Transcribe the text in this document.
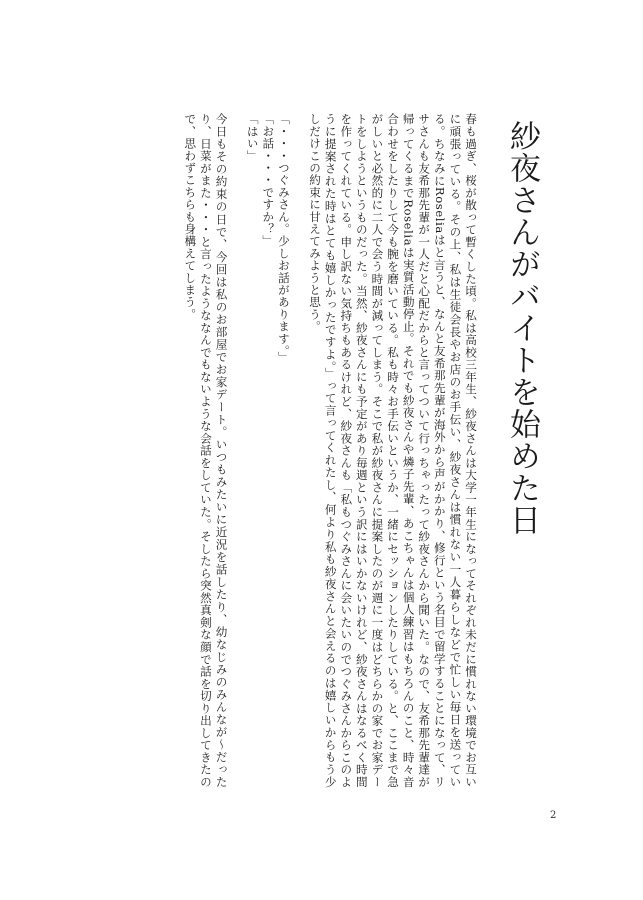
紗夜さんがバイトを始めた日

春も過ぎ、桜が散って暫くした頃。私は高校三年生、紗夜さんは大学一年生になってそれぞれ未だに慣れない環境でお互いに頑張っている。その上、私は生徒会長やお店のお手伝い、紗夜さんは慣れない一人暮らしなどで忙しい毎日を送っている。ちなみにRoseliaはと言うと、なんと友希那先輩が海外から声がかかり、修行という名目で留学することになって、リサさんも友希那先輩が一人だと心配だからと言ってついて行っちゃったって紗夜さんから聞いた。なので、友希那先輩達が帰ってくるまでRoseliaは実質活動停止。それでも紗夜さんや燐子先輩、あこちゃんは個人練習はもちろんのこと、時々音合わせをしたりして今も腕を磨いている。私も時々お手伝いというか、一緒にセッションしたりしている。と、ここまで急がしいと必然的に二人で会う時間が減ってしまう。そこで私が紗夜さんに提案したのが週に一度はどちらかの家でお家デートをしようというものだった。当然、紗夜さんにも予定があり毎週という訳にはいかないけれど、紗夜さんはなるべく時間を作ってくれている。申し訳ない気持ちもあるけれど、紗夜さんも「私もつぐみさんに会いたいのでつぐみさんからこのように提案された時はとても嬉しかったですよ。」って言ってくれたし、何より私も紗夜さんと会えるのは嬉しいからもう少しだけこの約束に甘えてみようと思う。

「・・・つぐみさん。少しお話があります。」

「お話・・・ですか？」

「はい」

今日もその約束の日で、今回は私のお部屋でお家デート。いつもみたいに近況を話したり、幼なじみのみんなが〜だったり、日菜がまた・・・と言ったようななんでもないような会話をしていた。そしたら突然真剣な顔で話を切り出してきたので、思わずこちらも身構えてしまう。

2
